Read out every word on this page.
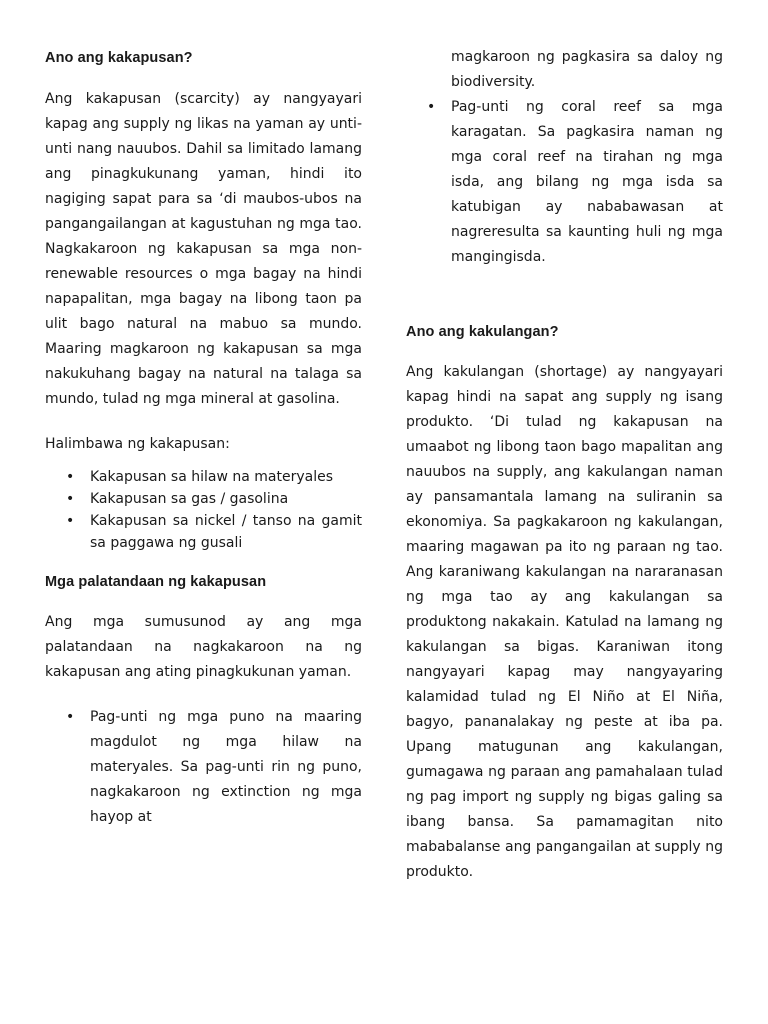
Ano ang kakapusan?

Ang kakapusan (scarcity) ay nangyayari kapag ang supply ng likas na yaman ay unti-unti nang nauubos. Dahil sa limitado lamang ang pinagkukunang yaman, hindi ito nagiging sapat para sa ‘di maubos-ubos na pangangailangan at kagustuhan ng mga tao. Nagkakaroon ng kakapusan sa mga non-renewable resources o mga bagay na hindi napapalitan, mga bagay na libong taon pa ulit bago natural na mabuo sa mundo. Maaring magkaroon ng kakapusan sa mga nakukuhang bagay na natural na talaga sa mundo, tulad ng mga mineral at gasolina.

Halimbawa ng kakapusan:

• Kakapusan sa hilaw na materyales
• Kakapusan sa gas / gasolina
• Kakapusan sa nickel / tanso na gamit sa paggawa ng gusali
Mga palatandaan ng kakapusan

Ang mga sumusunod ay ang mga palatandaan na nagkakaroon na ng kakapusan ang ating pinagkukunan yaman.

• Pag-unti ng mga puno na maaring magdulot ng mga hilaw na materyales. Sa pag-unti rin ng puno, nagkakaroon ng extinction ng mga hayop at
magkaroon ng pagkasira sa daloy ng biodiversity.
• Pag-unti ng coral reef sa mga karagatan. Sa pagkasira naman ng mga coral reef na tirahan ng mga isda, ang bilang ng mga isda sa katubigan ay nababawasan at nagreresulta sa kaunting huli ng mga mangingisda.
Ano ang kakulangan?

Ang kakulangan (shortage) ay nangyayari kapag hindi na sapat ang supply ng isang produkto. ‘Di tulad ng kakapusan na umaabot ng libong taon bago mapalitan ang nauubos na supply, ang kakulangan naman ay pansamantala lamang na suliranin sa ekonomiya. Sa pagkakaroon ng kakulangan, maaring magawan pa ito ng paraan ng tao. Ang karaniwang kakulangan na nararanasan ng mga tao ay ang kakulangan sa produktong nakakain. Katulad na lamang ng kakulangan sa bigas. Karaniwan itong nangyayari kapag may nangyayaring kalamidad tulad ng El Niño at El Niña, bagyo, pananalakay ng peste at iba pa. Upang matugunan ang kakulangan, gumagawa ng paraan ang pamahalaan tulad ng pag import ng supply ng bigas galing sa ibang bansa. Sa pamamagitan nito mababalanse ang pangangailan at supply ng produkto.
